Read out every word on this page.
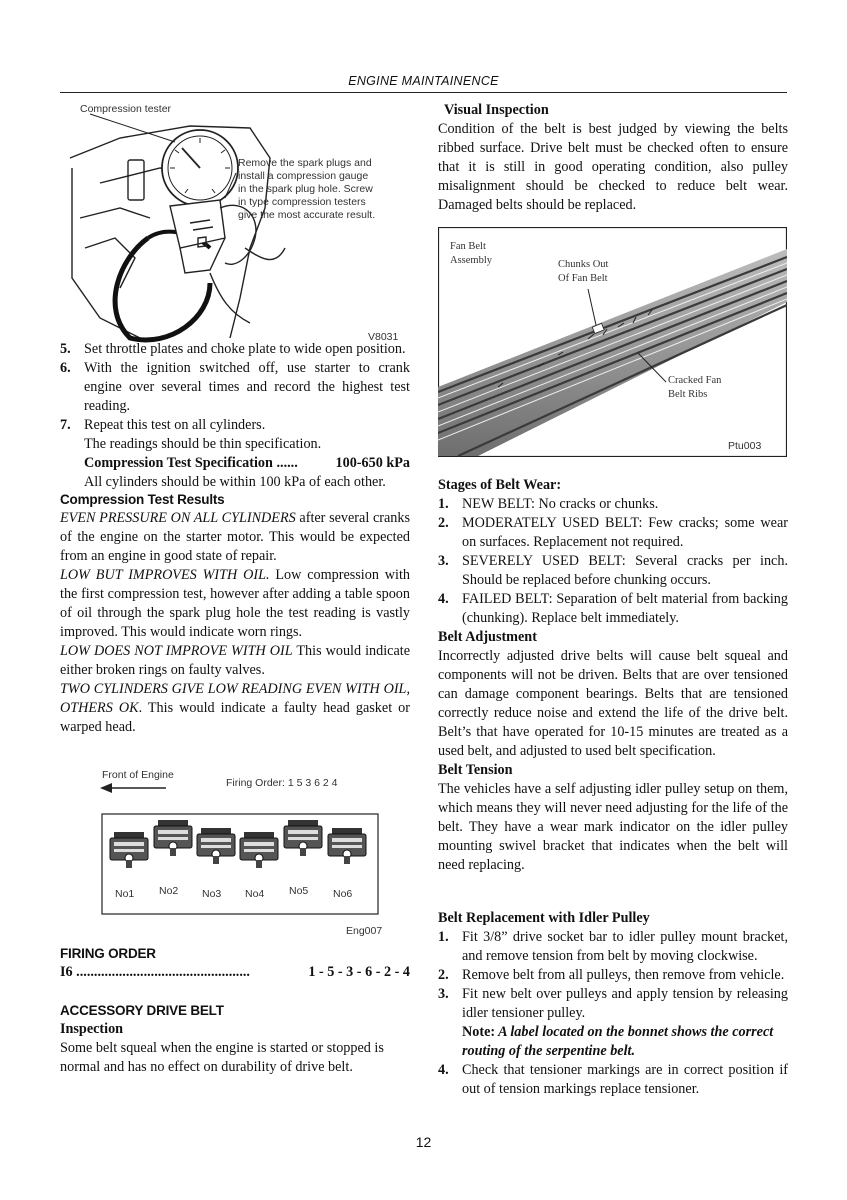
ENGINE MAINTAINENCE
Compression tester
Remove the spark plugs and
install a compression gauge
in the spark plug hole. Screw
in type compression testers
give the most accurate result.
V8031
5. Set throttle plates and choke plate to wide open position.
6. With the ignition switched off, use starter to crank engine over several times and record the highest test reading.
7. Repeat this test on all cylinders.

The readings should be thin specification.

Compression Test Specification ......	100-650 kPa

All cylinders should be within 100 kPa of each other.

Compression Test Results

EVEN PRESSURE ON ALL CYLINDERS after several cranks of the engine on the starter motor. This would be expected from an engine in good state of repair.

LOW BUT IMPROVES WITH OIL. Low compression with the first compression test, however after adding a table spoon of oil through the spark plug hole the test reading is vastly improved. This would indicate worn rings.

LOW DOES NOT IMPROVE WITH OIL This would indicate either broken rings on faulty valves.

TWO CYLINDERS GIVE LOW READING EVEN WITH OIL, OTHERS OK. This would indicate a faulty head gasket or warped head.

Front of Engine
Firing Order: 1 5 3 6 2 4
No1 No2 No3 No4 No5 No6
Eng007

FIRING ORDER

I6 .................................................	1 - 5 - 3 - 6 - 2 - 4

ACCESSORY DRIVE BELT

Inspection

Some belt squeal when the engine is started or stopped is normal and has no effect on durability of drive belt.

Visual Inspection

Condition of the belt is best judged by viewing the belts ribbed surface. Drive belt must be checked often to ensure that it is still in good operating condition, also pulley misalignment should be checked to reduce belt wear. Damaged belts should be replaced.

Fan Belt
Assembly	Chunks Out
Of Fan Belt
Cracked Fan
Belt Ribs
Ptu003

Stages of Belt Wear:

1. NEW BELT: No cracks or chunks.
2. MODERATELY USED BELT: Few cracks; some wear on surfaces. Replacement not required.
3. SEVERELY USED BELT: Several cracks per inch. Should be replaced before chunking occurs.
4. FAILED BELT: Separation of belt material from backing (chunking). Replace belt immediately.

Belt Adjustment

Incorrectly adjusted drive belts will cause belt squeal and components will not be driven. Belts that are over tensioned can damage component bearings. Belts that are tensioned correctly reduce noise and extend the life of the drive belt. Belt’s that have operated for 10-15 minutes are treated as a used belt, and adjusted to used belt specification.

Belt Tension

The vehicles have a self adjusting idler pulley setup on them, which means they will never need adjusting for the life of the belt. They have a wear mark indicator on the idler pulley mounting swivel bracket that indicates when the belt will need replacing.

Belt Replacement with Idler Pulley

1. Fit 3/8” drive socket bar to idler pulley mount bracket, and remove tension from belt by moving clockwise.
2. Remove belt from all pulleys, then remove from vehicle.
3. Fit new belt over pulleys and apply tension by releasing idler tensioner pulley.

Note: A label located on the bonnet shows the correct routing of the serpentine belt.

4. Check that tensioner markings are in correct position if out of tension markings replace tensioner.
12
